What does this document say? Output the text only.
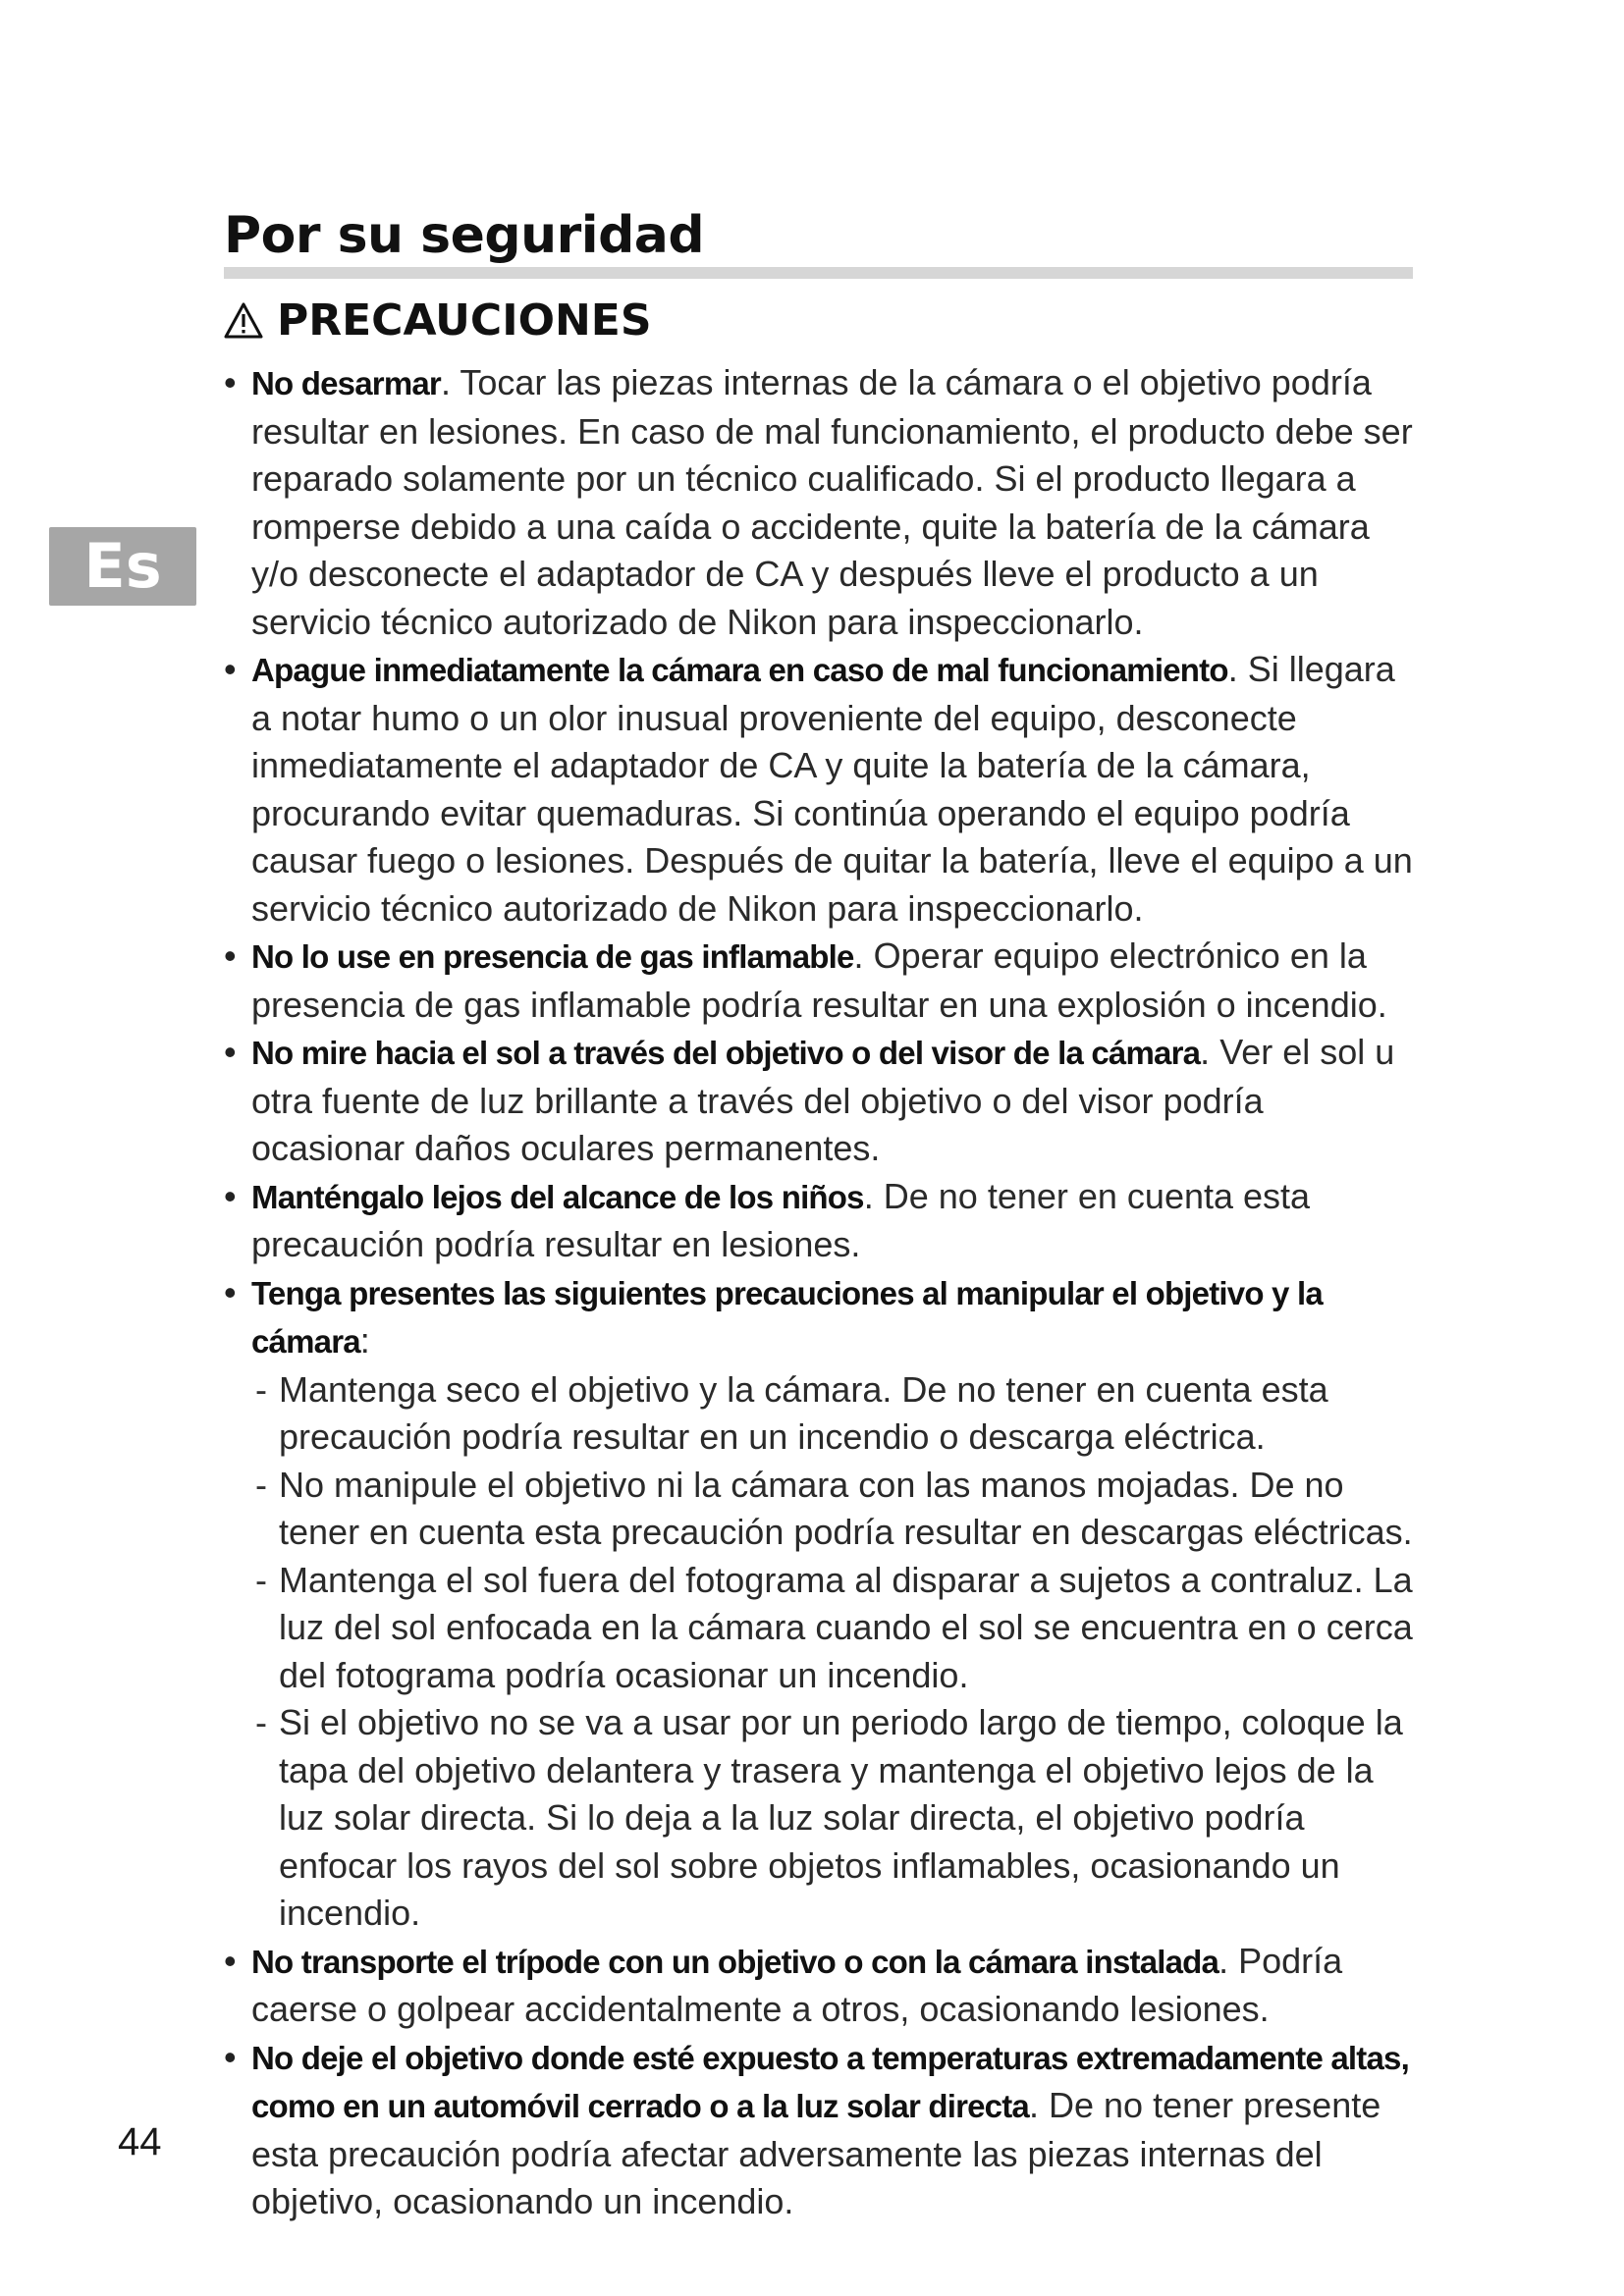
Por su seguridad
PRECAUCIONES
Es
• No desarmar. Tocar las piezas internas de la cámara o el objetivo podría resultar en lesiones. En caso de mal funcionamiento, el producto debe ser reparado solamente por un técnico cualificado. Si el producto llegara a romperse debido a una caída o accidente, quite la batería de la cámara y/o desconecte el adaptador de CA y después lleve el producto a un servicio técnico autorizado de Nikon para inspeccionarlo.
• Apague inmediatamente la cámara en caso de mal funcionamiento. Si llegara a notar humo o un olor inusual proveniente del equipo, desconecte inmediatamente el adaptador de CA y quite la batería de la cámara, procurando evitar quemaduras. Si continúa operando el equipo podría causar fuego o lesiones. Después de quitar la batería, lleve el equipo a un servicio técnico autorizado de Nikon para inspeccionarlo.
• No lo use en presencia de gas inflamable. Operar equipo electrónico en la presencia de gas inflamable podría resultar en una explosión o incendio.
• No mire hacia el sol a través del objetivo o del visor de la cámara. Ver el sol u otra fuente de luz brillante a través del objetivo o del visor podría ocasionar daños oculares permanentes.
• Manténgalo lejos del alcance de los niños. De no tener en cuenta esta precaución podría resultar en lesiones.
• Tenga presentes las siguientes precauciones al manipular el objetivo y la cámara:
- Mantenga seco el objetivo y la cámara. De no tener en cuenta esta precaución podría resultar en un incendio o descarga eléctrica.
- No manipule el objetivo ni la cámara con las manos mojadas. De no tener en cuenta esta precaución podría resultar en descargas eléctricas.
- Mantenga el sol fuera del fotograma al disparar a sujetos a contraluz. La luz del sol enfocada en la cámara cuando el sol se encuentra en o cerca del fotograma podría ocasionar un incendio.
- Si el objetivo no se va a usar por un periodo largo de tiempo, coloque la tapa del objetivo delantera y trasera y mantenga el objetivo lejos de la luz solar directa. Si lo deja a la luz solar directa, el objetivo podría enfocar los rayos del sol sobre objetos inflamables, ocasionando un incendio.
• No transporte el trípode con un objetivo o con la cámara instalada. Podría caerse o golpear accidentalmente a otros, ocasionando lesiones.
• No deje el objetivo donde esté expuesto a temperaturas extremadamente altas, como en un automóvil cerrado o a la luz solar directa. De no tener presente esta precaución podría afectar adversamente las piezas internas del objetivo, ocasionando un incendio.
44
